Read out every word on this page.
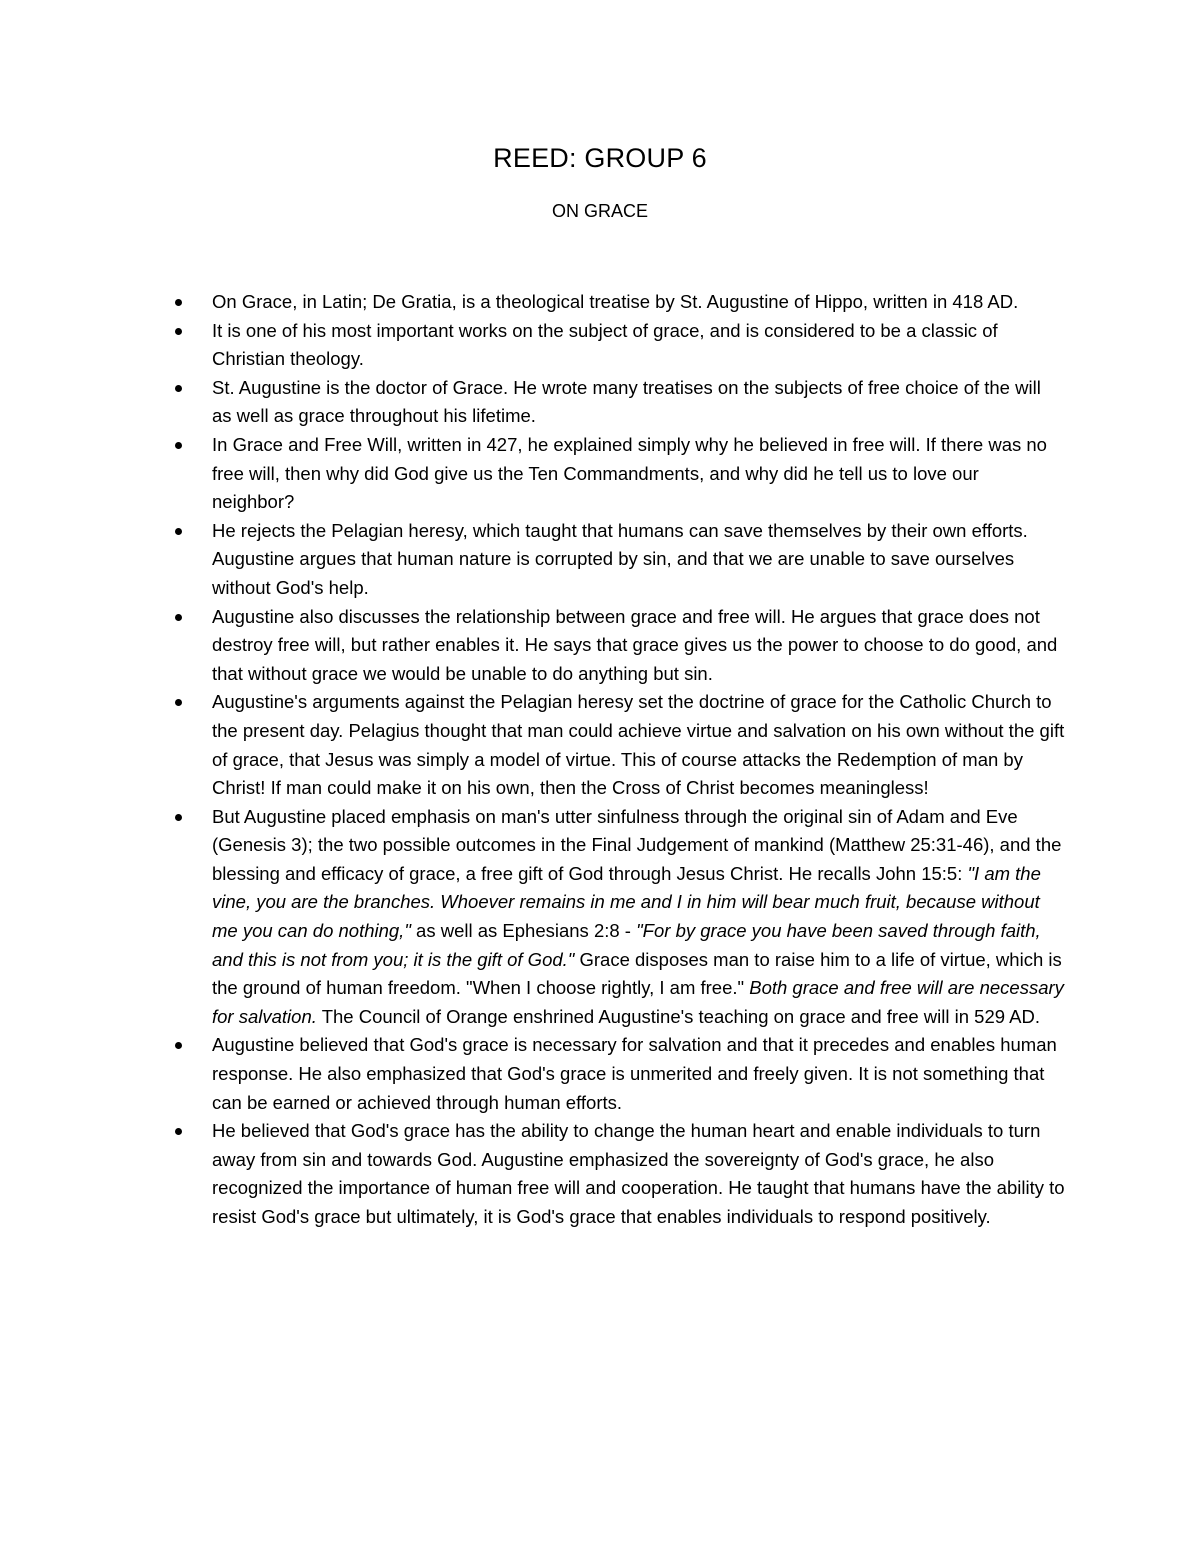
REED: GROUP 6
ON GRACE
On Grace, in Latin; De Gratia, is a theological treatise by St. Augustine of Hippo, written in 418 AD.
It is one of his most important works on the subject of grace, and is considered to be a classic of Christian theology.
St. Augustine is the doctor of Grace. He wrote many treatises on the subjects of free choice of the will as well as grace throughout his lifetime.
In Grace and Free Will, written in 427, he explained simply why he believed in free will. If there was no free will, then why did God give us the Ten Commandments, and why did he tell us to love our neighbor?
He rejects the Pelagian heresy, which taught that humans can save themselves by their own efforts. Augustine argues that human nature is corrupted by sin, and that we are unable to save ourselves without God's help.
Augustine also discusses the relationship between grace and free will. He argues that grace does not destroy free will, but rather enables it. He says that grace gives us the power to choose to do good, and that without grace we would be unable to do anything but sin.
Augustine's arguments against the Pelagian heresy set the doctrine of grace for the Catholic Church to the present day. Pelagius thought that man could achieve virtue and salvation on his own without the gift of grace, that Jesus was simply a model of virtue. This of course attacks the Redemption of man by Christ! If man could make it on his own, then the Cross of Christ becomes meaningless!
But Augustine placed emphasis on man's utter sinfulness through the original sin of Adam and Eve (Genesis 3); the two possible outcomes in the Final Judgement of mankind (Matthew 25:31-46), and the blessing and efficacy of grace, a free gift of God through Jesus Christ. He recalls John 15:5: "I am the vine, you are the branches. Whoever remains in me and I in him will bear much fruit, because without me you can do nothing," as well as Ephesians 2:8 - "For by grace you have been saved through faith, and this is not from you; it is the gift of God." Grace disposes man to raise him to a life of virtue, which is the ground of human freedom. "When I choose rightly, I am free." Both grace and free will are necessary for salvation. The Council of Orange enshrined Augustine's teaching on grace and free will in 529 AD.
Augustine believed that God's grace is necessary for salvation and that it precedes and enables human response. He also emphasized that God's grace is unmerited and freely given. It is not something that can be earned or achieved through human efforts.
He believed that God's grace has the ability to change the human heart and enable individuals to turn away from sin and towards God. Augustine emphasized the sovereignty of God's grace, he also recognized the importance of human free will and cooperation. He taught that humans have the ability to resist God's grace but ultimately, it is God's grace that enables individuals to respond positively.
